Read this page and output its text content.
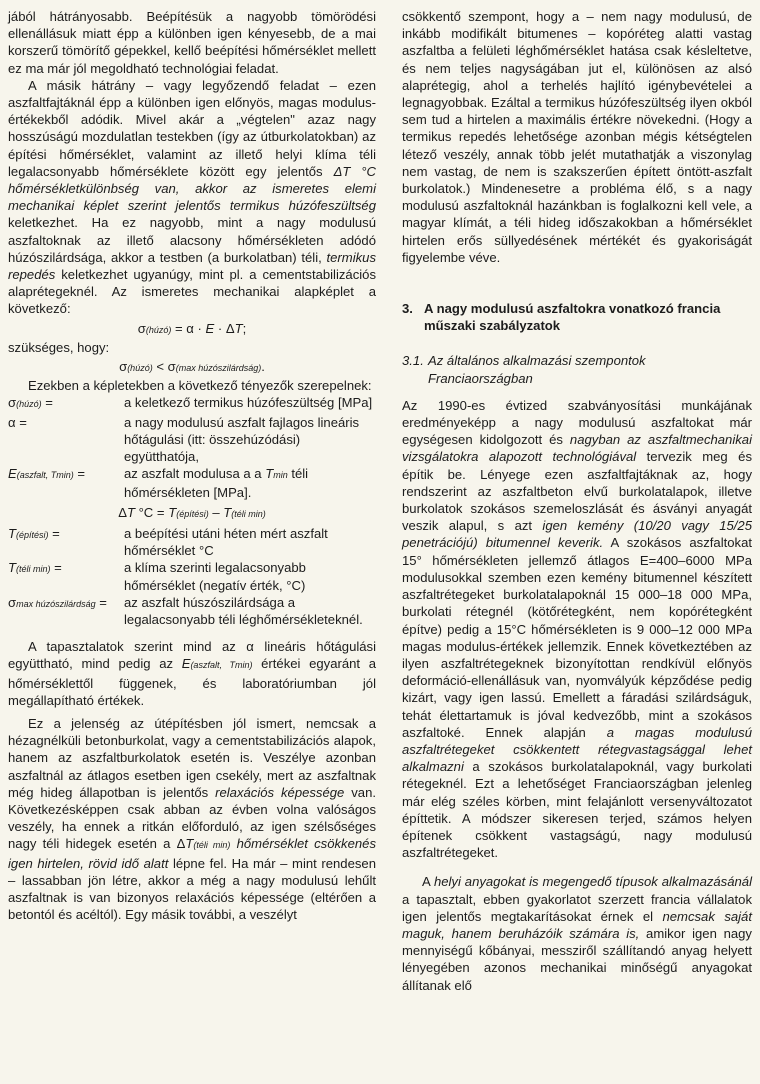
jából hátrányosabb. Beépítésük a nagyobb tömörödési ellenállásuk miatt épp a különben igen kényesebb, de a mai korszerű tömörítő gépekkel, kellő beépítési hőmérséklet mellett ez ma már jól megoldható technológiai feladat.

A másik hátrány – vagy legyőzendő feladat – ezen aszfaltfajtáknál épp a különben igen előnyös, magas modulus-értékekből adódik. Mivel akár a „végtelen" azaz nagy hosszúságú mozdulatlan testekben (így az útburkolatokban) az építési hőmérséklet, valamint az illető helyi klíma téli legalacsonyabb hőmérséklete között egy jelentős ΔT °C hőmérsékletkülönbség van, akkor az ismeretes elemi mechanikai képlet szerint jelentős termikus húzófeszültség keletkezhet. Ha ez nagyobb, mint a nagy modulusú aszfaltoknak az illető alacsony hőmérsékleten adódó húzószilárdsága, akkor a testben (a burkolatban) téli, termikus repedés keletkezhet ugyanúgy, mint pl. a cementstabilizációs alaprétegeknél. Az ismeretes mechanikai alapképlet a következő:

σ(húzó) = α · E · ΔT;

szükséges, hogy:

σ(húzó) < σ(max húzószilárdság).

Ezekben a képletekben a következő tényezők szerepelnek:

σ(húzó) =	a keletkező termikus húzófeszültség [MPa]
α =	a nagy modulusú aszfalt fajlagos lineáris hőtágulási (itt: összehúzódási) együtthatója,
E(aszfalt, Tmin) =	az aszfalt modulusa a a Tmin téli hőmérsékleten [MPa].

ΔT °C = T(építési) – T(téli min)

T(építési) =	a beépítési utáni héten mért aszfalt hőmérséklet °C
T(téli min) =	a klíma szerinti legalacsonyabb hőmérséklet (negatív érték, °C)
σmax húzószilárdság =	az aszfalt húszószilárdsága a legalacsonyabb téli léghőmérsékleteknél.

A tapasztalatok szerint mind az α lineáris hőtágulási együttható, mind pedig az E(aszfalt, Tmin) értékei egyaránt a hőmérséklettől függenek, és laboratóriumban jól megállapítható értékek.

Ez a jelenség az útépítésben jól ismert, nemcsak a hézagnélküli betonburkolat, vagy a cementstabilizációs alapok, hanem az aszfaltburkolatok esetén is. Veszélye azonban aszfaltnál az átlagos esetben igen csekély, mert az aszfaltnak még hideg állapotban is jelentős relaxációs képessége van. Következésképpen csak abban az évben volna valóságos veszély, ha ennek a ritkán előforduló, az igen szélsőséges nagy téli hidegek esetén a ΔT(téli min) hőmérséklet csökkenés igen hirtelen, rövid idő alatt lépne fel. Ha már – mint rendesen – lassabban jön létre, akkor a még a nagy modulusú lehűlt aszfaltnak is van bizonyos relaxációs képessége (eltérően a betontól és acéltól). Egy másik további, a veszélyt

csökkentő szempont, hogy a – nem nagy modulusú, de inkább modifikált bitumenes – kopóréteg alatti vastag aszfaltba a felületi léghőmérséklet hatása csak késleltetve, és nem teljes nagyságában jut el, különösen az alsó alaprétegig, ahol a terhelés hajlító igénybevételei a legnagyobbak. Ezáltal a termikus húzófeszültség ilyen okból sem tud a hirtelen a maximális értékre növekedni. (Hogy a termikus repedés lehetősége azonban mégis kétségtelen létező veszély, annak több jelét mutathatják a viszonylag nem vastag, de nem is szakszerűen épített öntött-aszfalt burkolatok.) Mindenesetre a probléma élő, s a nagy modulusú aszfaltoknál hazánkban is foglalkozni kell vele, a magyar klímát, a téli hideg időszakokban a hőmérséklet hirtelen erős süllyedésének mértékét és gyakoriságát figyelembe véve.

3. A nagy modulusú aszfaltokra vonatkozó francia műszaki szabályzatok
3.1. Az általános alkalmazási szempontok Franciaországban

Az 1990-es évtized szabványosítási munkájának eredményeképp a nagy modulusú aszfaltokat már egységesen kidolgozott és nagyban az aszfaltmechanikai vizsgálatokra alapozott technológiával tervezik meg és építik be. Lényege ezen aszfaltfajtáknak az, hogy rendszerint az aszfaltbeton elvű burkolatalapok, illetve burkolatok szokásos szemeloszlását és ásványi anyagát veszik alapul, s azt igen kemény (10/20 vagy 15/25 penetrációjú) bitumennel keverik. A szokásos aszfaltokat 15° hőmérsékleten jellemző átlagos E=400–6000 MPa modulusokkal szemben ezen kemény bitumennel készített aszfaltrétegeket burkolatalapoknál 15 000–18 000 MPa, burkolati rétegnél (kötőrétegként, nem kopórétegként építve) pedig a 15°C hőmérsékleten is 9 000–12 000 MPa magas modulus-értékek jellemzik. Ennek következtében az ilyen aszfaltrétegeknek bizonyítottan rendkívül előnyös deformáció-ellenállásuk van, nyomvályúk képződése pedig kizárt, vagy igen lassú. Emellett a fáradási szilárdságuk, tehát élettartamuk is jóval kedvezőbb, mint a szokásos aszfaltoké. Ennek alapján a magas modulusú aszfaltrétegeket csökkentett rétegvastagsággal lehet alkalmazni a szokásos burkolatalapoknál, vagy burkolati rétegeknél. Ezt a lehetőséget Franciaországban jelenleg már elég széles körben, mint felajánlott versenyváltozatot építtetik. A módszer sikeresen terjed, számos helyen építenek csökkent vastagságú, nagy modulusú aszfaltrétegeket.

A helyi anyagokat is megengedő típusok alkalmazásánál a tapasztalt, ebben gyakorlatot szerzett francia vállalatok igen jelentős megtakarításokat érnek el nemcsak saját maguk, hanem beruházóik számára is, amikor igen nagy mennyiségű kőbányai, messziről szállítandó anyag helyett lényegében azonos mechanikai minőségű anyagokat állítanak elő
